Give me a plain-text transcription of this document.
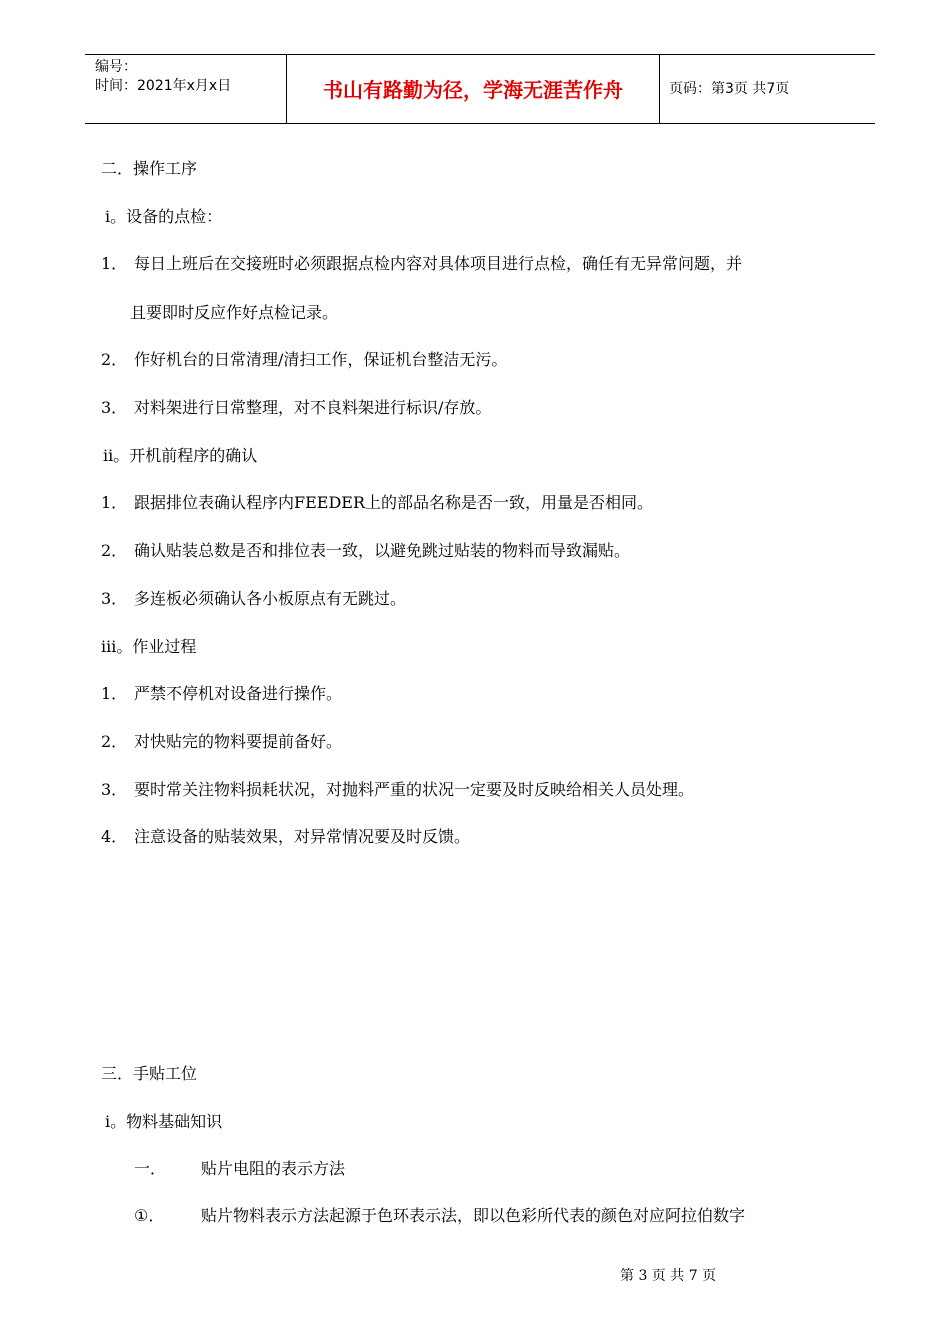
编号：
时间：2021年x月x日	书山有路勤为径，学海无涯苦作舟	页码：第3页 共7页
二．操作工序
ⅰ。设备的点检：
1． 每日上班后在交接班时必须跟据点检内容对具体项目进行点检，确任有无异常问题，并
且要即时反应作好点检记录。
2． 作好机台的日常清理/清扫工作，保证机台整洁无污。
3． 对料架进行日常整理，对不良料架进行标识/存放。
ⅱ。开机前程序的确认
1． 跟据排位表确认程序内FEEDER上的部品名称是否一致，用量是否相同。
2． 确认贴装总数是否和排位表一致，以避免跳过贴装的物料而导致漏贴。
3． 多连板必须确认各小板原点有无跳过。
ⅲ。作业过程
1． 严禁不停机对设备进行操作。
2． 对快贴完的物料要提前备好。
3． 要时常关注物料损耗状况，对抛料严重的状况一定要及时反映给相关人员处理。
4． 注意设备的贴装效果，对异常情况要及时反馈。
三．手贴工位
ⅰ。物料基础知识
一． 贴片电阻的表示方法
①． 贴片物料表示方法起源于色环表示法，即以色彩所代表的颜色对应阿拉伯数字
第 3 页 共 7 页
